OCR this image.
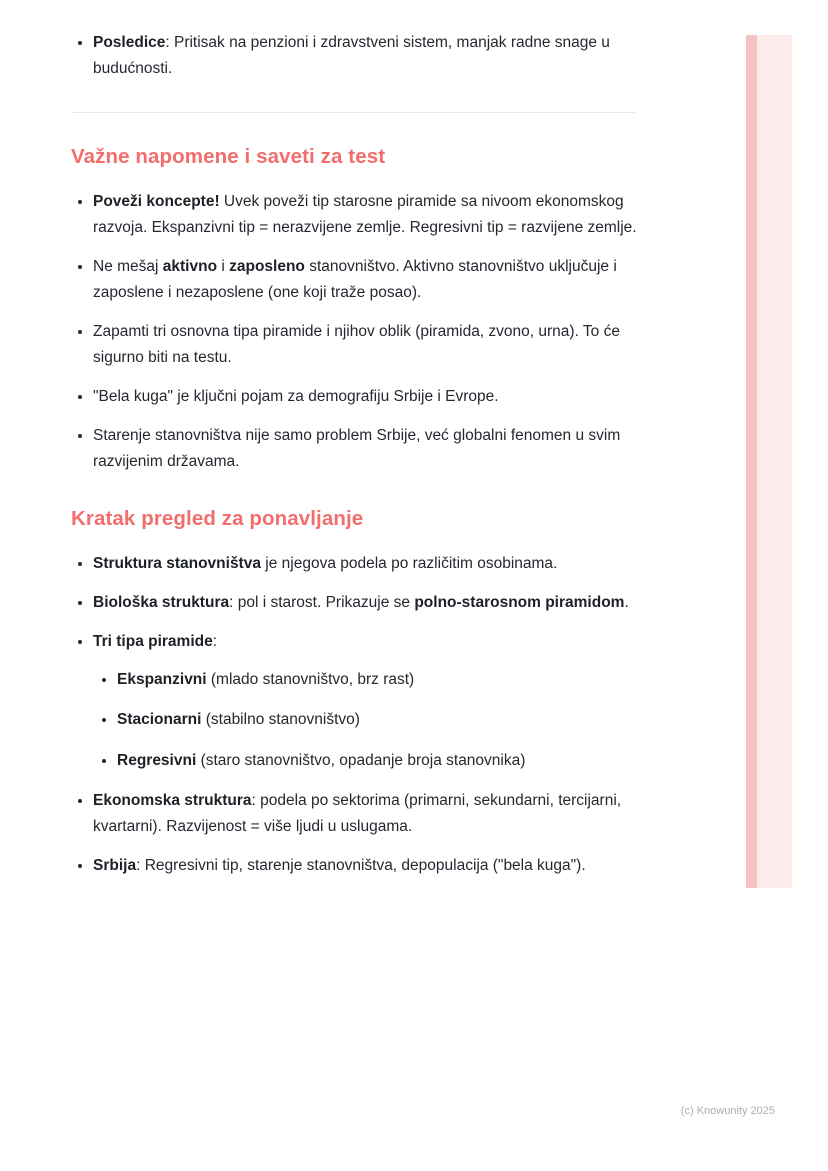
• Posledice: Pritisak na penzioni i zdravstveni sistem, manjak radne snage u budućnosti.
Važne napomene i saveti za test
• Poveži koncepte! Uvek poveži tip starosne piramide sa nivoom ekonomskog razvoja. Ekspanzivni tip = nerazvijene zemlje. Regresivni tip = razvijene zemlje.
• Ne mešaj aktivno i zaposleno stanovništvo. Aktivno stanovništvo uključuje i zaposlene i nezaposlene (one koji traže posao).
• Zapamti tri osnovna tipa piramide i njihov oblik (piramida, zvono, urna). To će sigurno biti na testu.
• "Bela kuga" je ključni pojam za demografiju Srbije i Evrope.
• Starenje stanovništva nije samo problem Srbije, već globalni fenomen u svim razvijenim državama.
Kratak pregled za ponavljanje
• Struktura stanovništva je njegova podela po različitim osobinama.
• Biološka struktura: pol i starost. Prikazuje se polno-starosnom piramidom.
• Tri tipa piramide:
• Ekspanzivni (mlado stanovništvo, brz rast)
• Stacionarni (stabilno stanovništvo)
• Regresivni (staro stanovništvo, opadanje broja stanovnika)
• Ekonomska struktura: podela po sektorima (primarni, sekundarni, tercijarni, kvartarni). Razvijenost = više ljudi u uslugama.
• Srbija: Regresivni tip, starenje stanovništva, depopulacija ("bela kuga").
(c) Knowunity 2025
